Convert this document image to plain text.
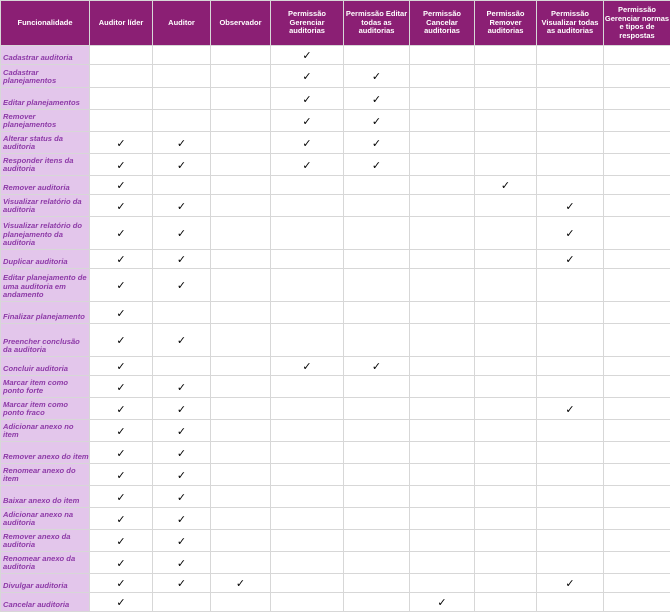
Funcionalidade	Auditor líder	Auditor	Observador	Permissão Gerenciar auditorias	Permissão Editar todas as auditorias	Permissão Cancelar auditorias	Permissão Remover auditorias	Permissão Visualizar todas as auditorias	Permissão Gerenciar normas e tipos de respostas
Cadastrar auditoria				✓					
Cadastrar planejamentos				✓	✓				
Editar planejamentos				✓	✓				
Remover planejamentos				✓	✓				
Alterar status da auditoria	✓	✓		✓	✓				
Responder itens da auditoria	✓	✓		✓	✓				
Remover auditoria	✓						✓		
Visualizar relatório da auditoria	✓	✓						✓	
Visualizar relatório do planejamento da auditoria	✓	✓						✓	
Duplicar auditoria	✓	✓						✓	
Editar planejamento de uma auditoria em andamento	✓	✓							
Finalizar planejamento	✓								
Preencher conclusão da auditoria	✓	✓							
Concluir auditoria	✓			✓	✓				
Marcar item como ponto forte	✓	✓							
Marcar item como ponto fraco	✓	✓						✓	
Adicionar anexo no item	✓	✓							
Remover anexo do item	✓	✓							
Renomear anexo do item	✓	✓							
Baixar anexo do item	✓	✓							
Adicionar anexo na auditoria	✓	✓							
Remover anexo da auditoria	✓	✓							
Renomear anexo da auditoria	✓	✓							
Divulgar auditoria	✓	✓	✓					✓	
Cancelar auditoria	✓					✓			
